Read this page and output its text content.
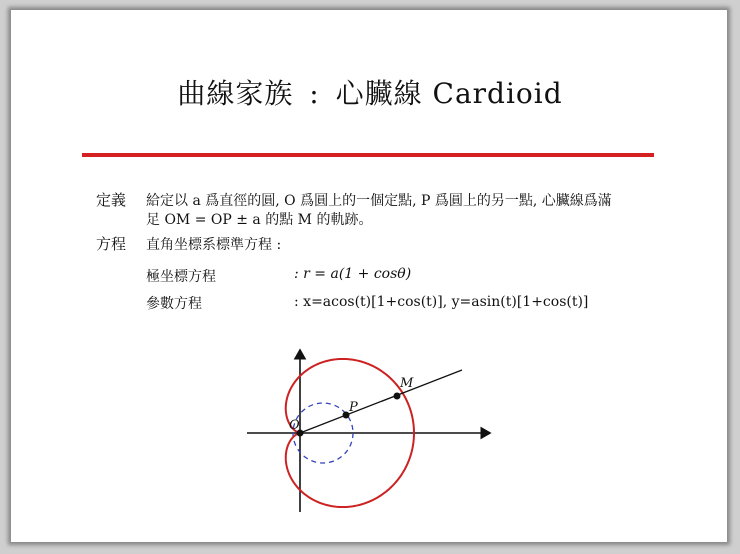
曲線家族 : 心臟線 Cardioid
定義 給定以 a 爲直徑的圓, O 爲圓上的一個定點, P 爲圓上的另一點, 心臟線爲滿
足 OM = OP ± a 的點 M 的軌跡。
方程 直角坐標系標準方程 :
極坐標方程	: r = a(1 + cosθ)
參數方程	: x=acos(t)[1+cos(t)], y=asin(t)[1+cos(t)]
O
P
M
